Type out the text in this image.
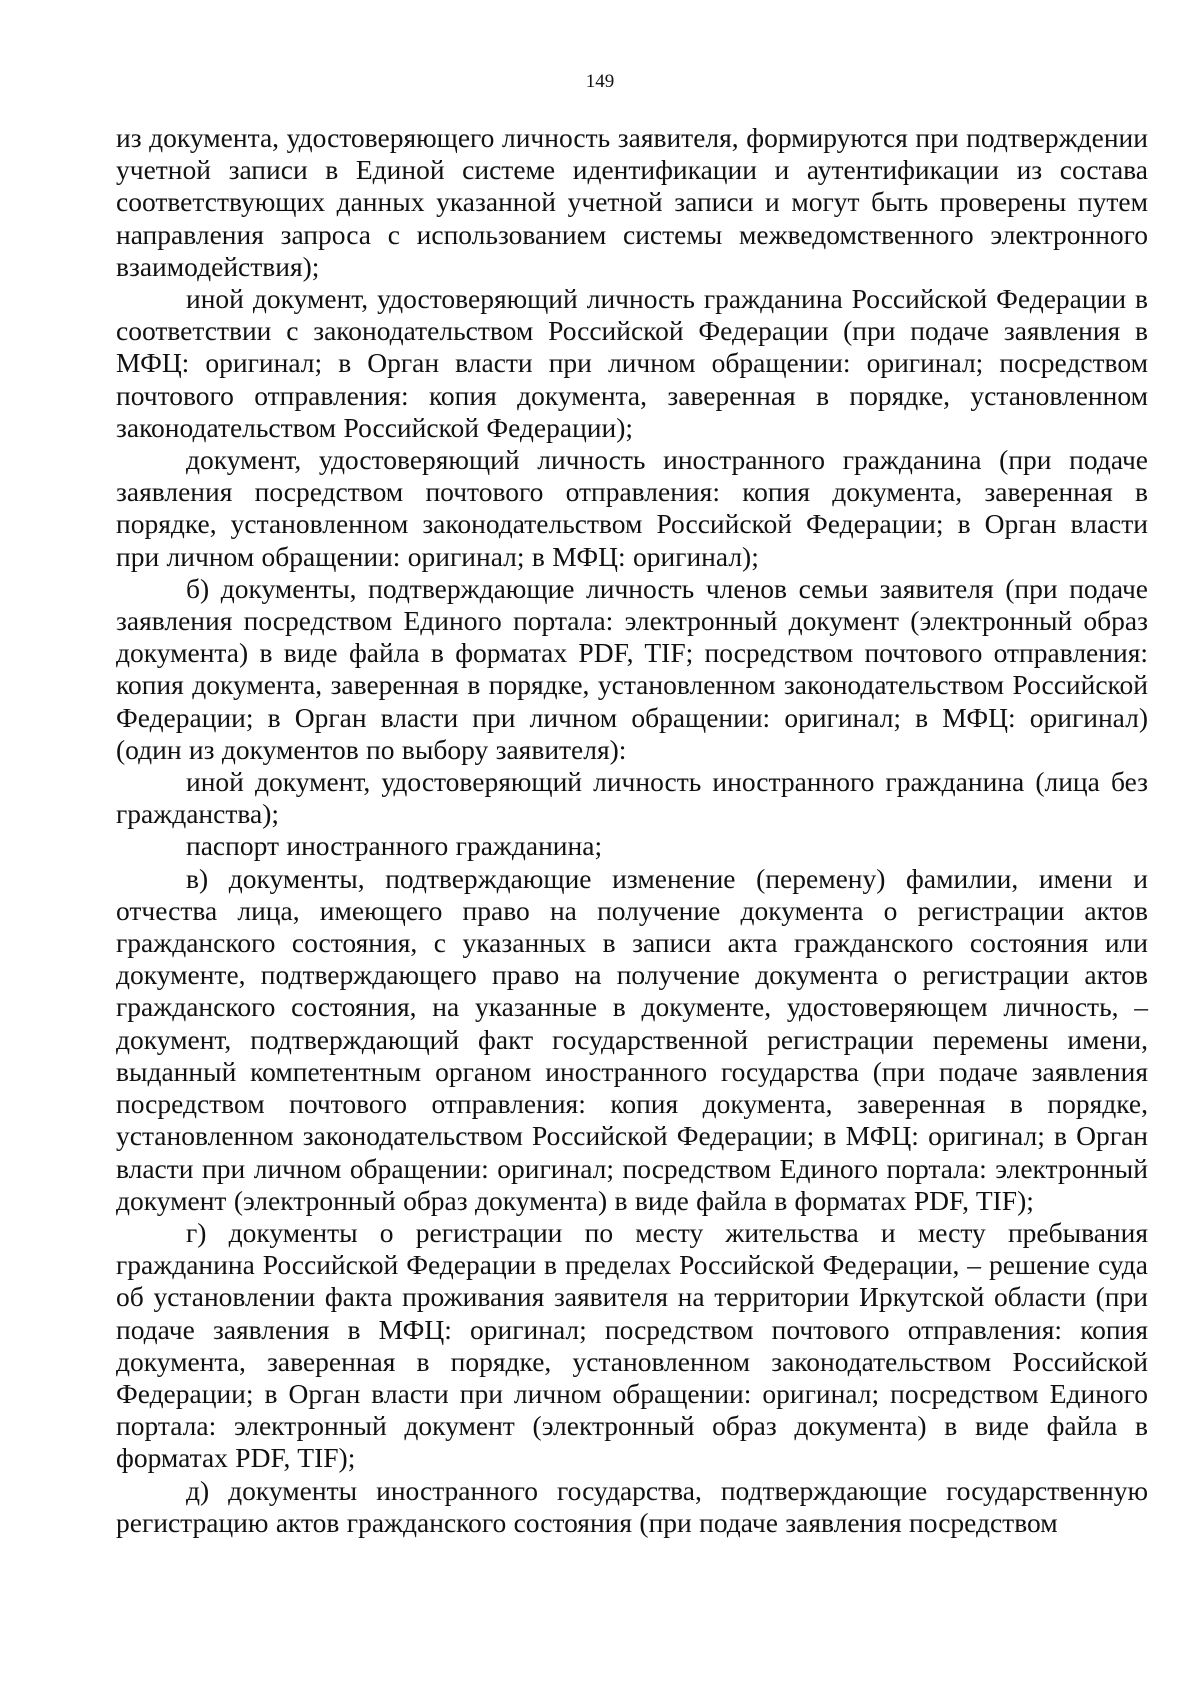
149

из документа, удостоверяющего личность заявителя, формируются при подтверждении учетной записи в Единой системе идентификации и аутентификации из состава соответствующих данных указанной учетной записи и могут быть проверены путем направления запроса с использованием системы межведомственного электронного взаимодействия);

иной документ, удостоверяющий личность гражданина Российской Федерации в соответствии с законодательством Российской Федерации (при подаче заявления в МФЦ: оригинал; в Орган власти при личном обращении: оригинал; посредством почтового отправления: копия документа, заверенная в порядке, установленном законодательством Российской Федерации);

документ, удостоверяющий личность иностранного гражданина (при подаче заявления посредством почтового отправления: копия документа, заверенная в порядке, установленном законодательством Российской Федерации; в Орган власти при личном обращении: оригинал; в МФЦ: оригинал);

б) документы, подтверждающие личность членов семьи заявителя (при подаче заявления посредством Единого портала: электронный документ (электронный образ документа) в виде файла в форматах PDF, TIF; посредством почтового отправления: копия документа, заверенная в порядке, установленном законодательством Российской Федерации; в Орган власти при личном обращении: оригинал; в МФЦ: оригинал) (один из документов по выбору заявителя):

иной документ, удостоверяющий личность иностранного гражданина (лица без гражданства);

паспорт иностранного гражданина;

в) документы, подтверждающие изменение (перемену) фамилии, имени и отчества лица, имеющего право на получение документа о регистрации актов гражданского состояния, с указанных в записи акта гражданского состояния или документе, подтверждающего право на получение документа о регистрации актов гражданского состояния, на указанные в документе, удостоверяющем личность, – документ, подтверждающий факт государственной регистрации перемены имени, выданный компетентным органом иностранного государства (при подаче заявления посредством почтового отправления: копия документа, заверенная в порядке, установленном законодательством Российской Федерации; в МФЦ: оригинал; в Орган власти при личном обращении: оригинал; посредством Единого портала: электронный документ (электронный образ документа) в виде файла в форматах PDF, TIF);

г) документы о регистрации по месту жительства и месту пребывания гражданина Российской Федерации в пределах Российской Федерации, – решение суда об установлении факта проживания заявителя на территории Иркутской области (при подаче заявления в МФЦ: оригинал; посредством почтового отправления: копия документа, заверенная в порядке, установленном законодательством Российской Федерации; в Орган власти при личном обращении: оригинал; посредством Единого портала: электронный документ (электронный образ документа) в виде файла в форматах PDF, TIF);

д) документы иностранного государства, подтверждающие государственную регистрацию актов гражданского состояния (при подаче заявления посредством
